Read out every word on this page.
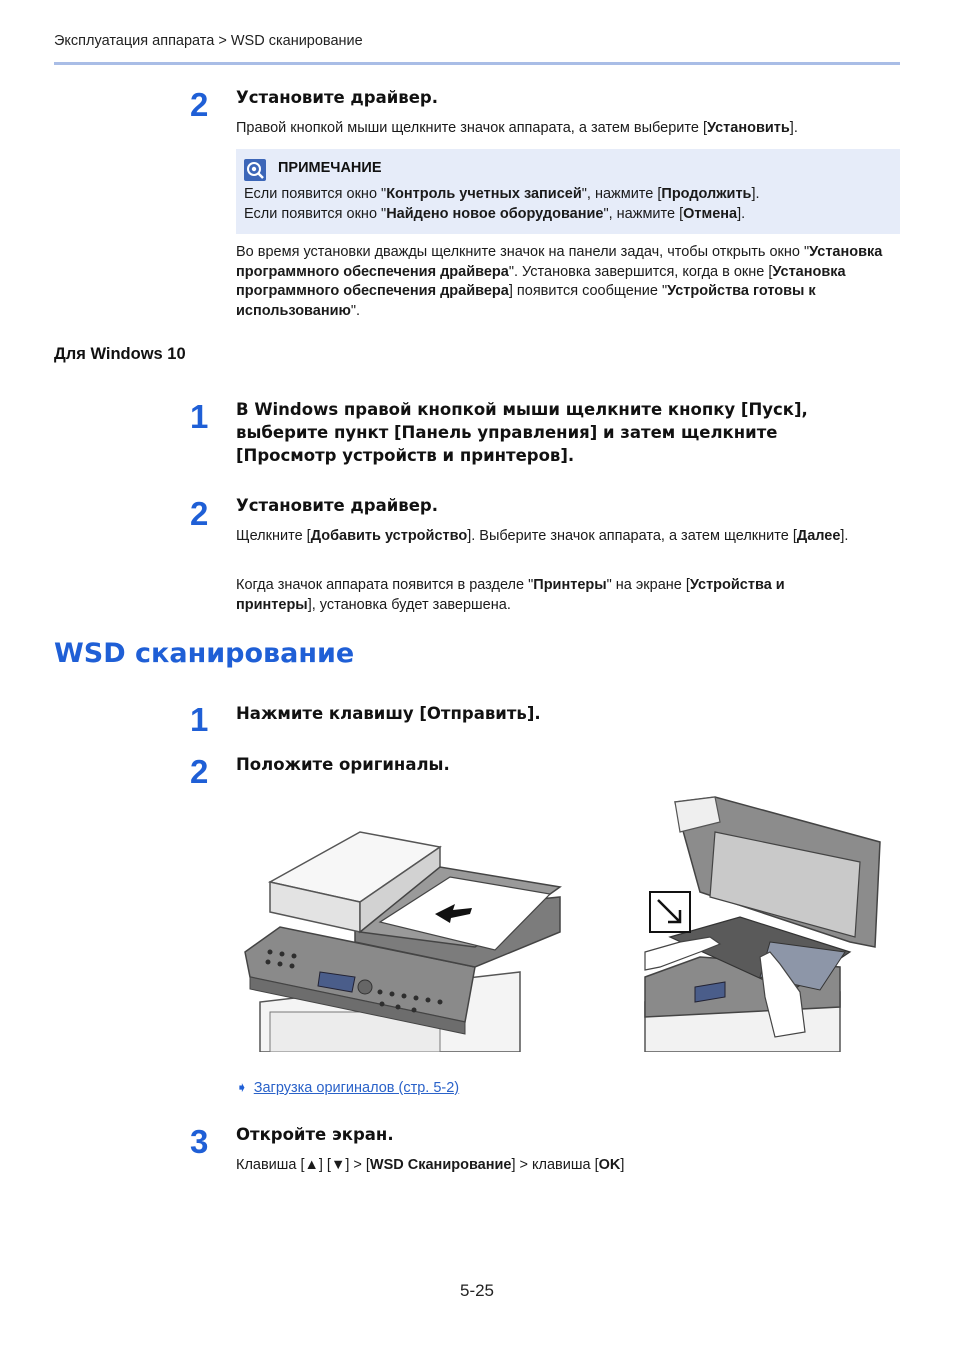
Эксплуатация аппарата > WSD сканирование
2	Установите драйвер.
Правой кнопкой мыши щелкните значок аппарата, а затем выберите [Установить].
ПРИМЕЧАНИЕ
Если появится окно "Контроль учетных записей", нажмите [Продолжить].
Если появится окно "Найдено новое оборудование", нажмите [Отмена].
Во время установки дважды щелкните значок на панели задач, чтобы открыть окно "Установка программного обеспечения драйвера". Установка завершится, когда в окне [Установка программного обеспечения драйвера] появится сообщение "Устройства готовы к использованию".
Для Windows 10
1	В Windows правой кнопкой мыши щелкните кнопку [Пуск],
выберите пункт [Панель управления] и затем щелкните
[Просмотр устройств и принтеров].
2	Установите драйвер.
Щелкните [Добавить устройство]. Выберите значок аппарата, а затем щелкните [Далее].
Когда значок аппарата появится в разделе "Принтеры" на экране [Устройства и принтеры], установка будет завершена.
WSD сканирование
1	Нажмите клавишу [Отправить].
2	Положите оригиналы.
➧ Загрузка оригиналов (стр. 5-2)
3	Откройте экран.
Клавиша [▲] [▼] > [WSD Сканирование] > клавиша [OK]
5-25
